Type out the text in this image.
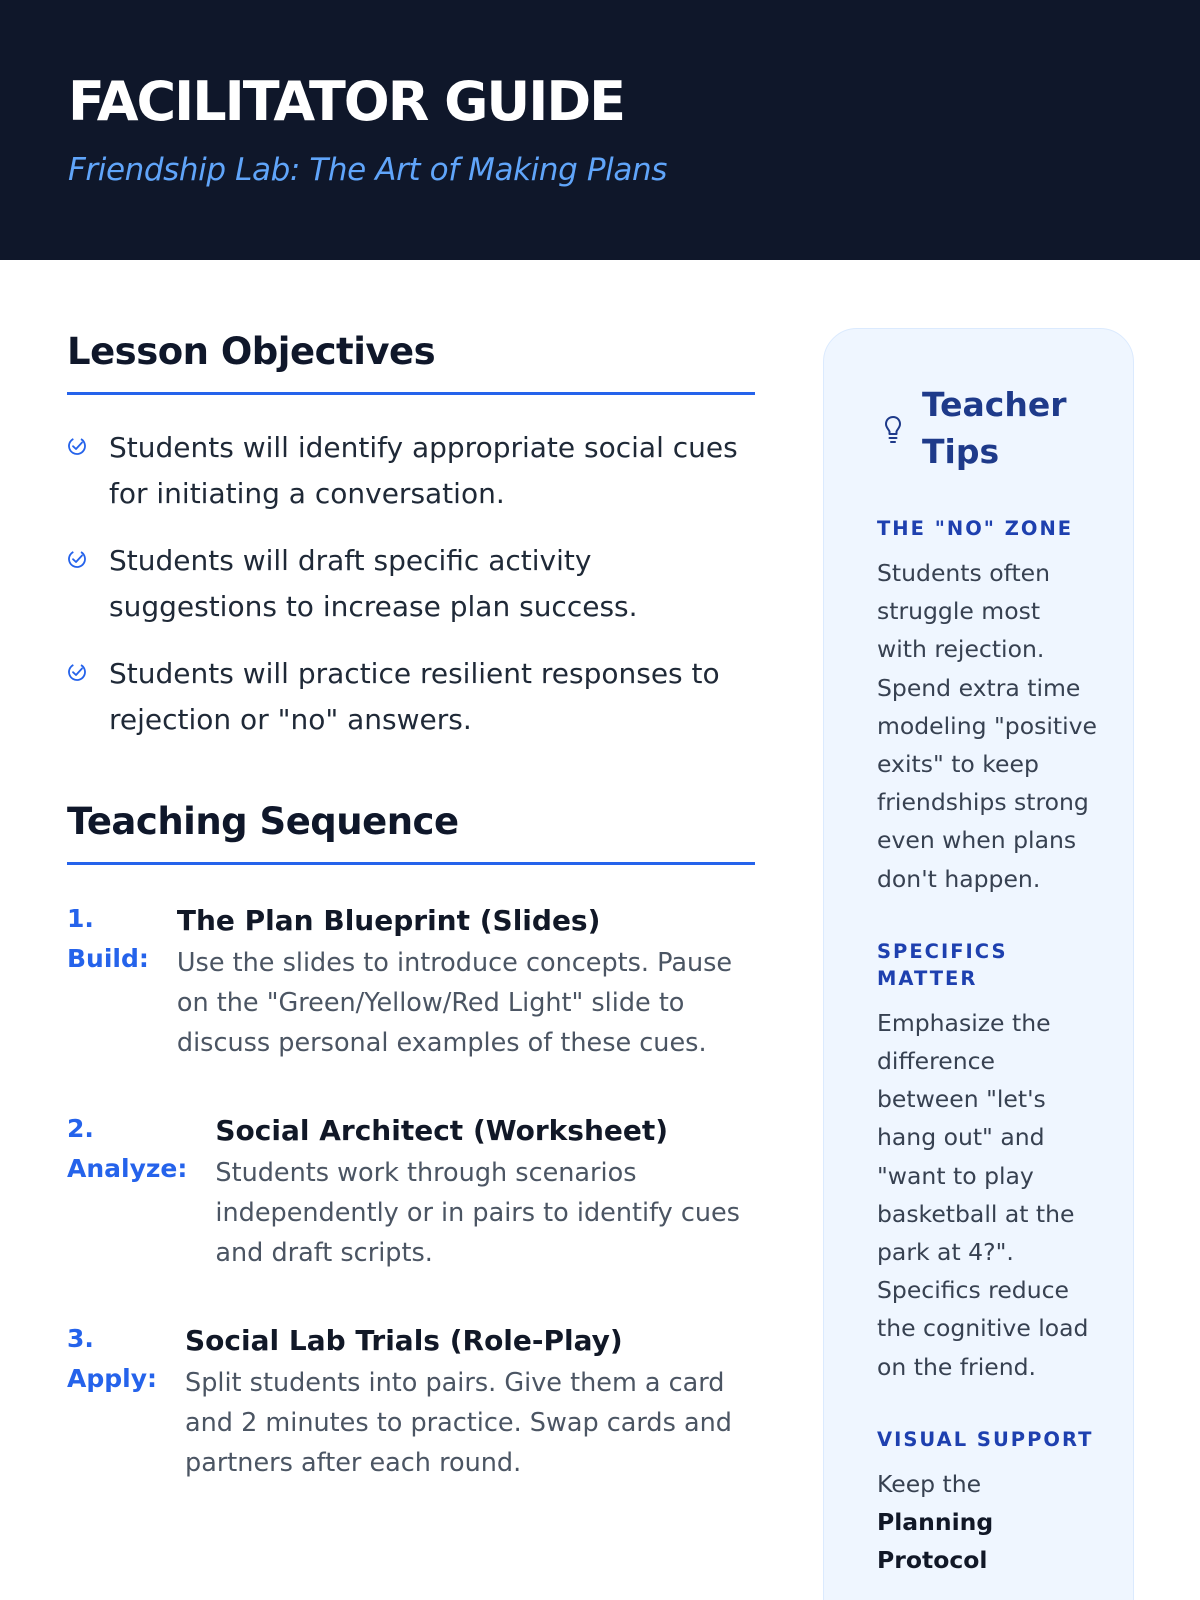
FACILITATOR GUIDE
Friendship Lab: The Art of Making Plans
Lesson Objectives
Students will identify appropriate social cues for initiating a conversation.
Students will draft specific activity suggestions to increase plan success.
Students will practice resilient responses to rejection or "no" answers.
Teaching Sequence
1.
Build:
The Plan Blueprint (Slides)
Use the slides to introduce concepts. Pause on the "Green/Yellow/Red Light" slide to discuss personal examples of these cues.
2.
Analyze:
Social Architect (Worksheet)
Students work through scenarios independently or in pairs to identify cues and draft scripts.
3.
Apply:
Social Lab Trials (Role-Play)
Split students into pairs. Give them a card and 2 minutes to practice. Swap cards and partners after each round.
Teacher Tips
THE "NO" ZONE

Students often struggle most with rejection. Spend extra time modeling "positive exits" to keep friendships strong even when plans don't happen.

SPECIFICS MATTER

Emphasize the difference between "let's hang out" and "want to play basketball at the park at 4?". Specifics reduce the cognitive load on the friend.

VISUAL SUPPORT

Keep the Planning Protocol
